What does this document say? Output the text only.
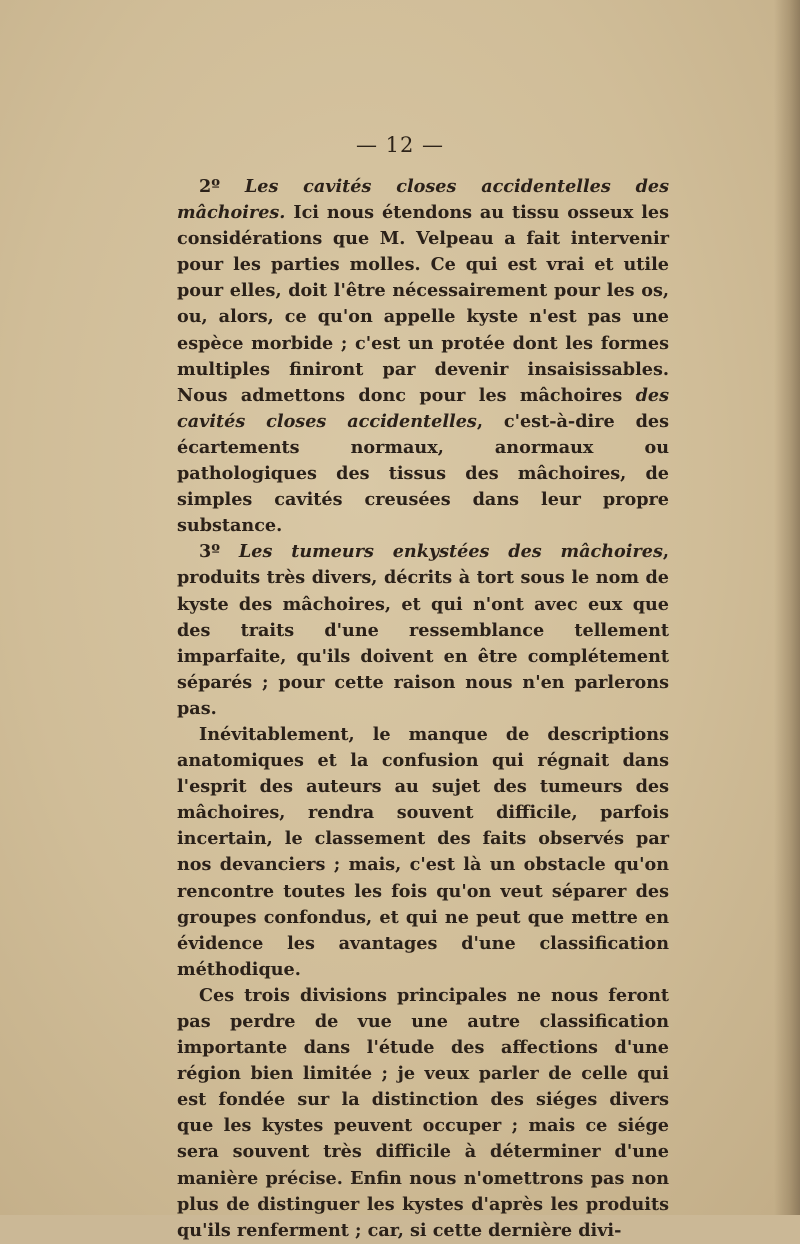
— 12 —

2º Les cavités closes accidentelles des mâchoires. Ici nous étendons au tissu osseux les considérations que M. Velpeau a fait intervenir pour les parties molles. Ce qui est vrai et utile pour elles, doit l'être nécessairement pour les os, ou, alors, ce qu'on appelle kyste n'est pas une espèce morbide ; c'est un protée dont les formes multiples finiront par devenir insaisissables. Nous admettons donc pour les mâchoires des cavités closes accidentelles, c'est-à-dire des écartements normaux, anormaux ou pathologiques des tissus des mâchoires, de simples cavités creusées dans leur propre substance.

3º Les tumeurs enkystées des mâchoires, produits très divers, décrits à tort sous le nom de kyste des mâchoires, et qui n'ont avec eux que des traits d'une ressemblance tellement imparfaite, qu'ils doivent en être complétement séparés ; pour cette raison nous n'en parlerons pas.

Inévitablement, le manque de descriptions anatomiques et la confusion qui régnait dans l'esprit des auteurs au sujet des tumeurs des mâchoires, rendra souvent difficile, parfois incertain, le classement des faits observés par nos devanciers ; mais, c'est là un obstacle qu'on rencontre toutes les fois qu'on veut séparer des groupes confondus, et qui ne peut que mettre en évidence les avantages d'une classification méthodique.

Ces trois divisions principales ne nous feront pas perdre de vue une autre classification importante dans l'étude des affections d'une région bien limitée ; je veux parler de celle qui est fondée sur la distinction des siéges divers que les kystes peuvent occuper ; mais ce siége sera souvent très difficile à déterminer d'une manière précise. Enfin nous n'omettrons pas non plus de distinguer les kystes d'après les produits qu'ils renferment ; car, si cette dernière divi-
